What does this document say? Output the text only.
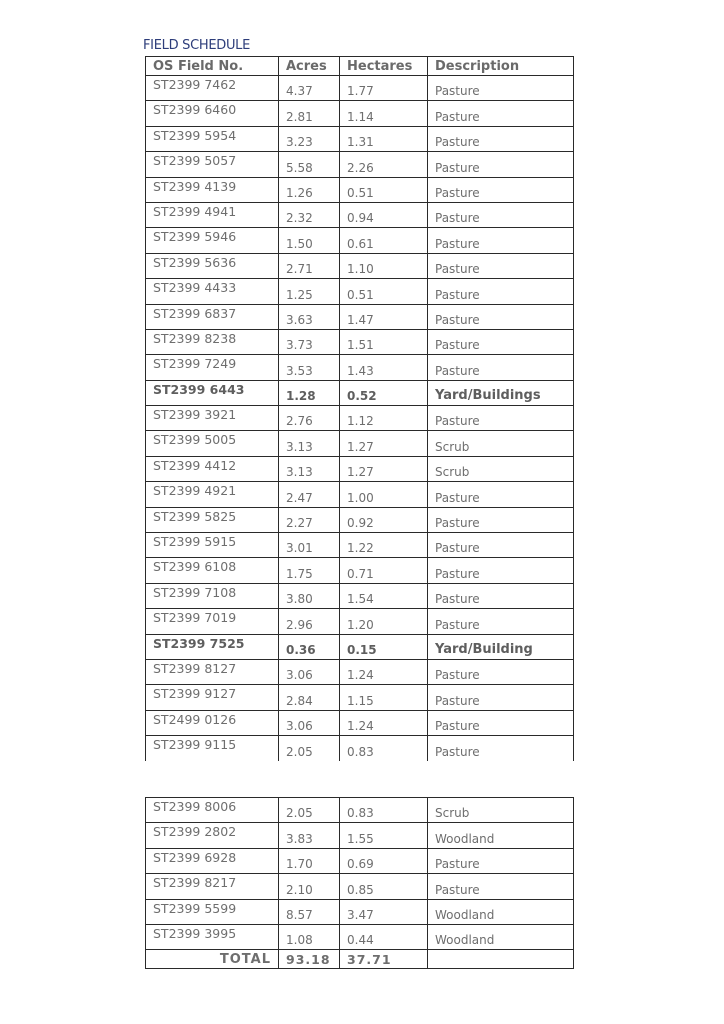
FIELD SCHEDULE
OS Field No.	Acres	Hectares	Description
ST2399 7462	4.37	1.77	Pasture
ST2399 6460	2.81	1.14	Pasture
ST2399 5954	3.23	1.31	Pasture
ST2399 5057	5.58	2.26	Pasture
ST2399 4139	1.26	0.51	Pasture
ST2399 4941	2.32	0.94	Pasture
ST2399 5946	1.50	0.61	Pasture
ST2399 5636	2.71	1.10	Pasture
ST2399 4433	1.25	0.51	Pasture
ST2399 6837	3.63	1.47	Pasture
ST2399 8238	3.73	1.51	Pasture
ST2399 7249	3.53	1.43	Pasture
ST2399 6443	1.28	0.52	Yard/Buildings
ST2399 3921	2.76	1.12	Pasture
ST2399 5005	3.13	1.27	Scrub
ST2399 4412	3.13	1.27	Scrub
ST2399 4921	2.47	1.00	Pasture
ST2399 5825	2.27	0.92	Pasture
ST2399 5915	3.01	1.22	Pasture
ST2399 6108	1.75	0.71	Pasture
ST2399 7108	3.80	1.54	Pasture
ST2399 7019	2.96	1.20	Pasture
ST2399 7525	0.36	0.15	Yard/Building
ST2399 8127	3.06	1.24	Pasture
ST2399 9127	2.84	1.15	Pasture
ST2499 0126	3.06	1.24	Pasture
ST2399 9115	2.05	0.83	Pasture
ST2399 8006	2.05	0.83	Scrub
ST2399 2802	3.83	1.55	Woodland
ST2399 6928	1.70	0.69	Pasture
ST2399 8217	2.10	0.85	Pasture
ST2399 5599	8.57	3.47	Woodland
ST2399 3995	1.08	0.44	Woodland
TOTAL	93.18	37.71	
